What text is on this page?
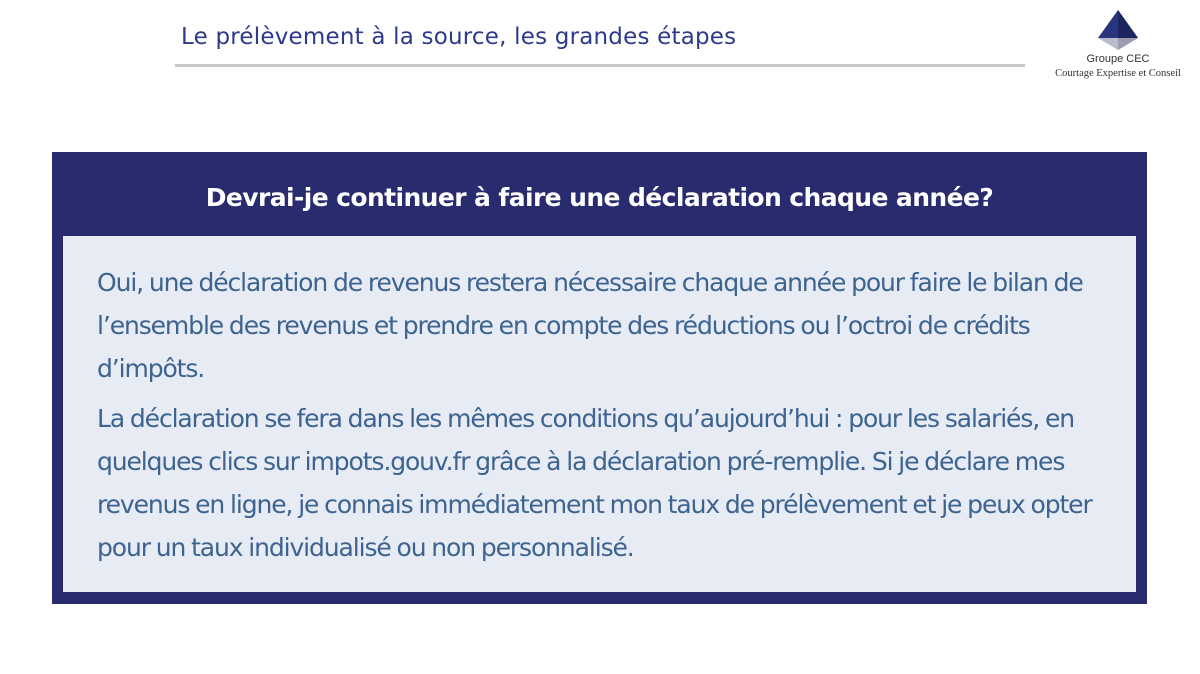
Le prélèvement à la source, les grandes étapes
Groupe CEC
Courtage Expertise et Conseil
Devrai-je continuer à faire une déclaration chaque année?

Oui, une déclaration de revenus restera nécessaire chaque année pour faire le bilan de l’ensemble des revenus et prendre en compte des réductions ou l’octroi de crédits d’impôts.

La déclaration se fera dans les mêmes conditions qu’aujourd’hui : pour les salariés, en quelques clics sur impots.gouv.fr grâce à la déclaration pré-remplie. Si je déclare mes revenus en ligne, je connais immédiatement mon taux de prélèvement et je peux opter pour un taux individualisé ou non personnalisé.
